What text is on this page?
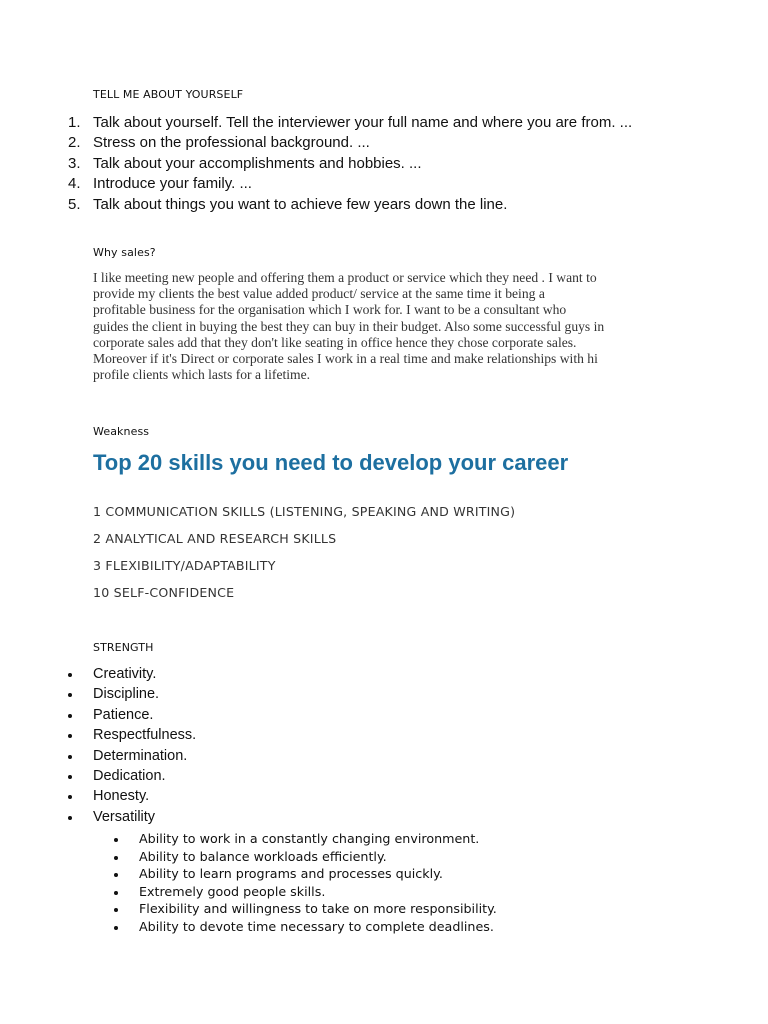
TELL ME ABOUT YOURSELF
1. Talk about yourself. Tell the interviewer your full name and where you are from. ...
2. Stress on the professional background. ...
3. Talk about your accomplishments and hobbies. ...
4. Introduce your family. ...
5. Talk about things you want to achieve few years down the line.
Why sales?
I like meeting new people and offering them a product or service which they need . I want to
provide my clients the best value added product/ service at the same time it being a
profitable business for the organisation which I work for. I want to be a consultant who
guides the client in buying the best they can buy in their budget. Also some successful guys in
corporate sales add that they don't like seating in office hence they chose corporate sales.
Moreover if it's Direct or corporate sales I work in a real time and make relationships with hi
profile clients which lasts for a lifetime.
Weakness
Top 20 skills you need to develop your career
1 COMMUNICATION SKILLS (LISTENING, SPEAKING AND WRITING)
2 ANALYTICAL AND RESEARCH SKILLS
3 FLEXIBILITY/ADAPTABILITY
10 SELF-CONFIDENCE
STRENGTH
Creativity.
Discipline.
Patience.
Respectfulness.
Determination.
Dedication.
Honesty.
Versatility
Ability to work in a constantly changing environment.
Ability to balance workloads efficiently.
Ability to learn programs and processes quickly.
Extremely good people skills.
Flexibility and willingness to take on more responsibility.
Ability to devote time necessary to complete deadlines.
